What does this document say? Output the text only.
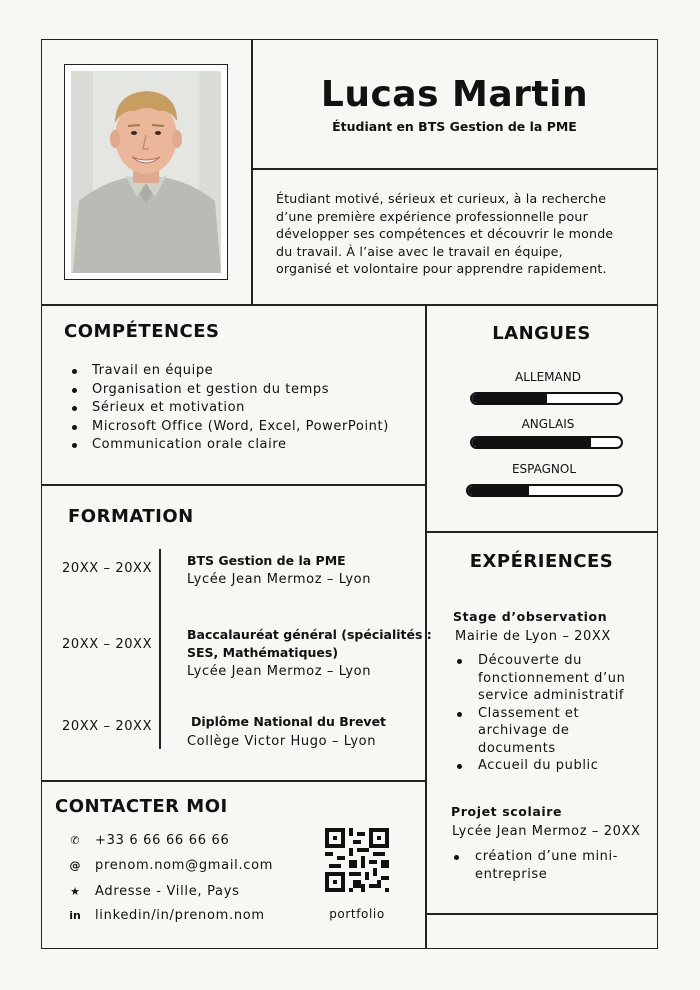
Lucas Martin
Étudiant en BTS Gestion de la PME
Étudiant motivé, sérieux et curieux, à la recherche
d’une première expérience professionnelle pour
développer ses compétences et découvrir le monde
du travail. À l’aise avec le travail en équipe,
organisé et volontaire pour apprendre rapidement.
COMPÉTENCES
Travail en équipe
Organisation et gestion du temps
Sérieux et motivation
Microsoft Office (Word, Excel, PowerPoint)
Communication orale claire
LANGUES
ALLEMAND
ANGLAIS
ESPAGNOL
FORMATION
20XX – 20XX
BTS Gestion de la PME
Lycée Jean Mermoz – Lyon
20XX – 20XX
Baccalauréat général (spécialités :
SES, Mathématiques)
Lycée Jean Mermoz – Lyon
20XX – 20XX	Diplôme National du Brevet
Collège Victor Hugo – Lyon
EXPÉRIENCES
Stage d’observation
Mairie de Lyon – 20XX
Découverte du
fonctionnement d’un
service administratif
Classement et
archivage de
documents
Accueil du public
Projet scolaire
Lycée Jean Mermoz – 20XX
création d’une mini-
entreprise
CONTACTER MOI
✆ +33 6 66 66 66 66
@ prenom.nom@gmail.com
★ Adresse - Ville, Pays
in linkedin/in/prenom.nom	portfolio
